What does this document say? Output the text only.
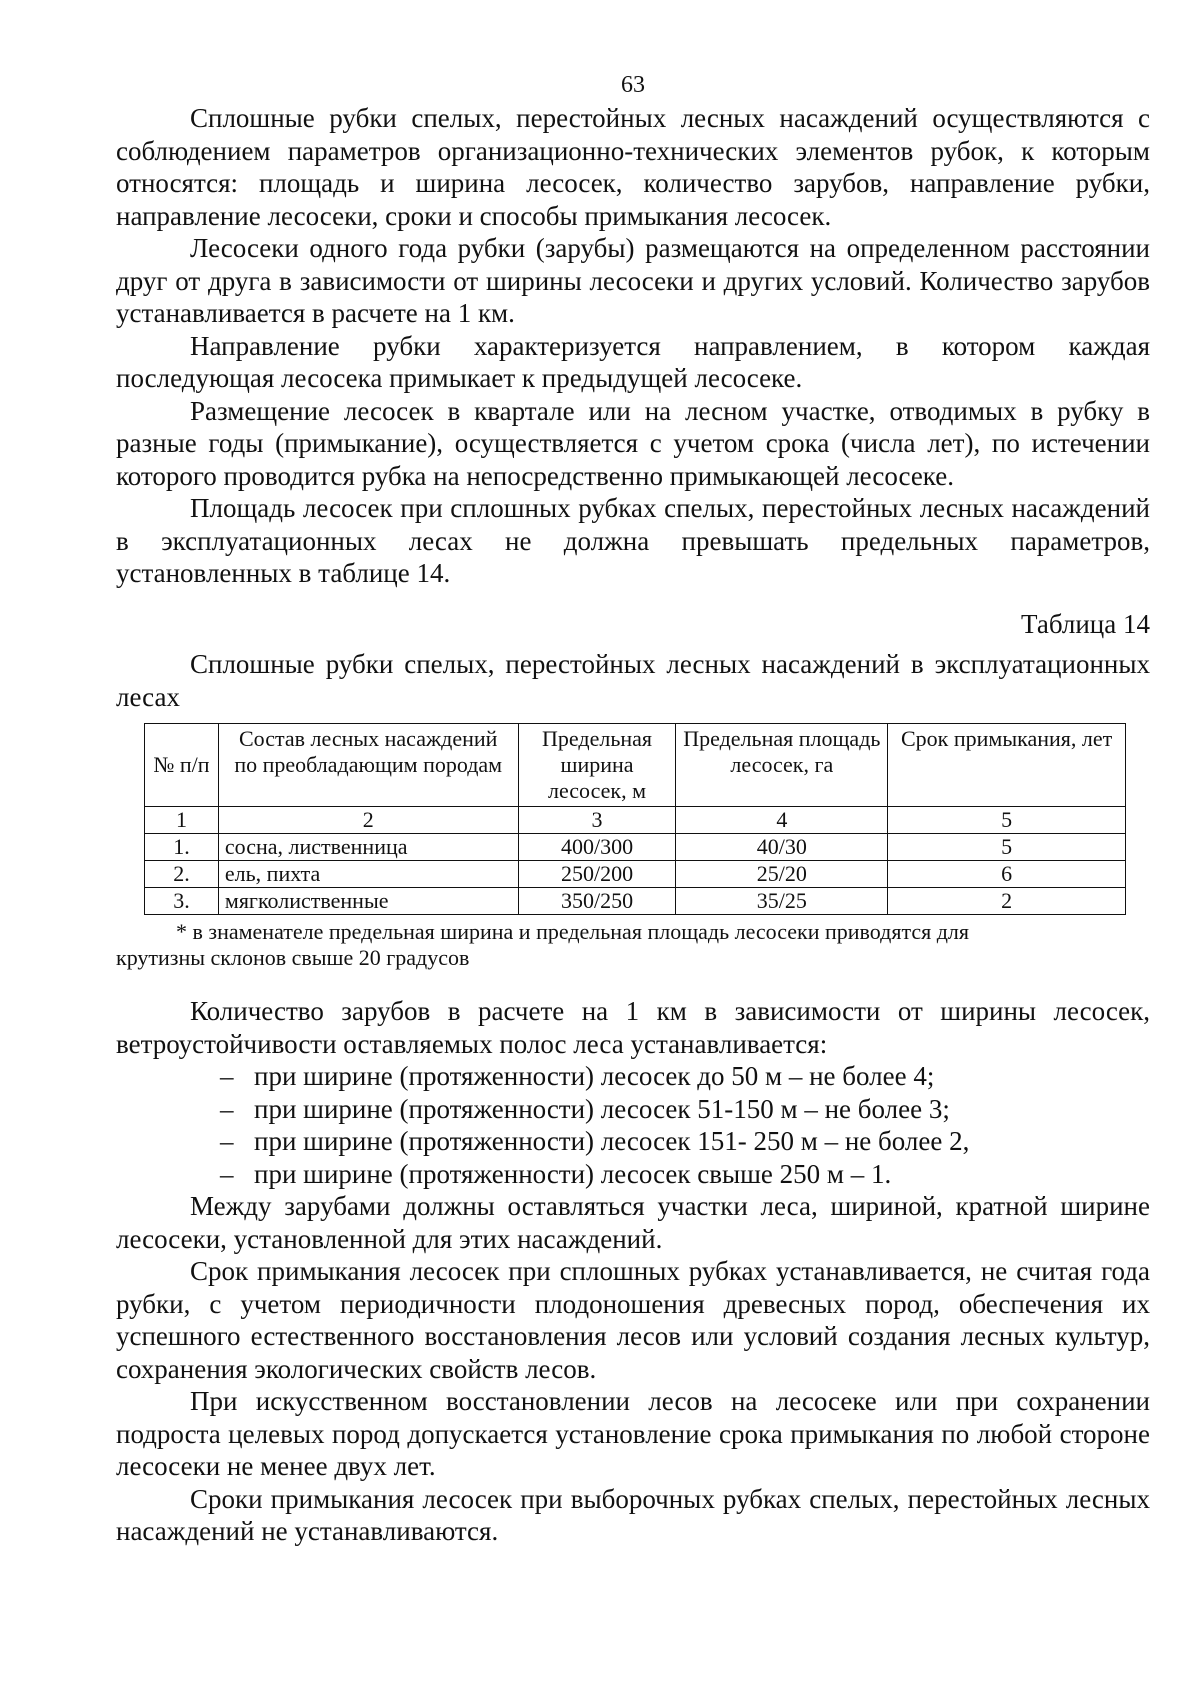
63

Сплошные рубки спелых, перестойных лесных насаждений осуществляются с соблюдением параметров организационно-технических элементов рубок, к которым относятся: площадь и ширина лесосек, количество зарубов, направление рубки, направление лесосеки, сроки и способы примыкания лесосек.

Лесосеки одного года рубки (зарубы) размещаются на определенном расстоянии друг от друга в зависимости от ширины лесосеки и других условий. Количество зарубов устанавливается в расчете на 1 км.

Направление рубки характеризуется направлением, в котором каждая последующая лесосека примыкает к предыдущей лесосеке.

Размещение лесосек в квартале или на лесном участке, отводимых в рубку в разные годы (примыкание), осуществляется с учетом срока (числа лет), по истечении которого проводится рубка на непосредственно примыкающей лесосеке.

Площадь лесосек при сплошных рубках спелых, перестойных лесных насаждений в эксплуатационных лесах не должна превышать предельных параметров, установленных в таблице 14.

Таблица 14

Сплошные рубки спелых, перестойных лесных насаждений в эксплуатационных лесах

№ п/п	Состав лесных насаждений по преобладающим породам	Предельная ширина лесосек, м	Предельная площадь лесосек, га	Срок примыкания, лет
1	2	3	4	5
1.	сосна, лиственница	400/300	40/30	5
2.	ель, пихта	250/200	25/20	6
3.	мягколиственные	350/250	35/25	2
* в знаменателе предельная ширина и предельная площадь лесосеки приводятся для
крутизны склонов свыше 20 градусов

Количество зарубов в расчете на 1 км в зависимости от ширины лесосек, ветроустойчивости оставляемых полос леса устанавливается:

– при ширине (протяженности) лесосек до 50 м – не более 4;
– при ширине (протяженности) лесосек 51-150 м – не более 3;
– при ширине (протяженности) лесосек 151- 250 м – не более 2,
– при ширине (протяженности) лесосек свыше 250 м – 1.

Между зарубами должны оставляться участки леса, шириной, кратной ширине лесосеки, установленной для этих насаждений.

Срок примыкания лесосек при сплошных рубках устанавливается, не считая года рубки, с учетом периодичности плодоношения древесных пород, обеспечения их успешного естественного восстановления лесов или условий создания лесных культур, сохранения экологических свойств лесов.

При искусственном восстановлении лесов на лесосеке или при сохранении подроста целевых пород допускается установление срока примыкания по любой стороне лесосеки не менее двух лет.

Сроки примыкания лесосек при выборочных рубках спелых, перестойных лесных насаждений не устанавливаются.
